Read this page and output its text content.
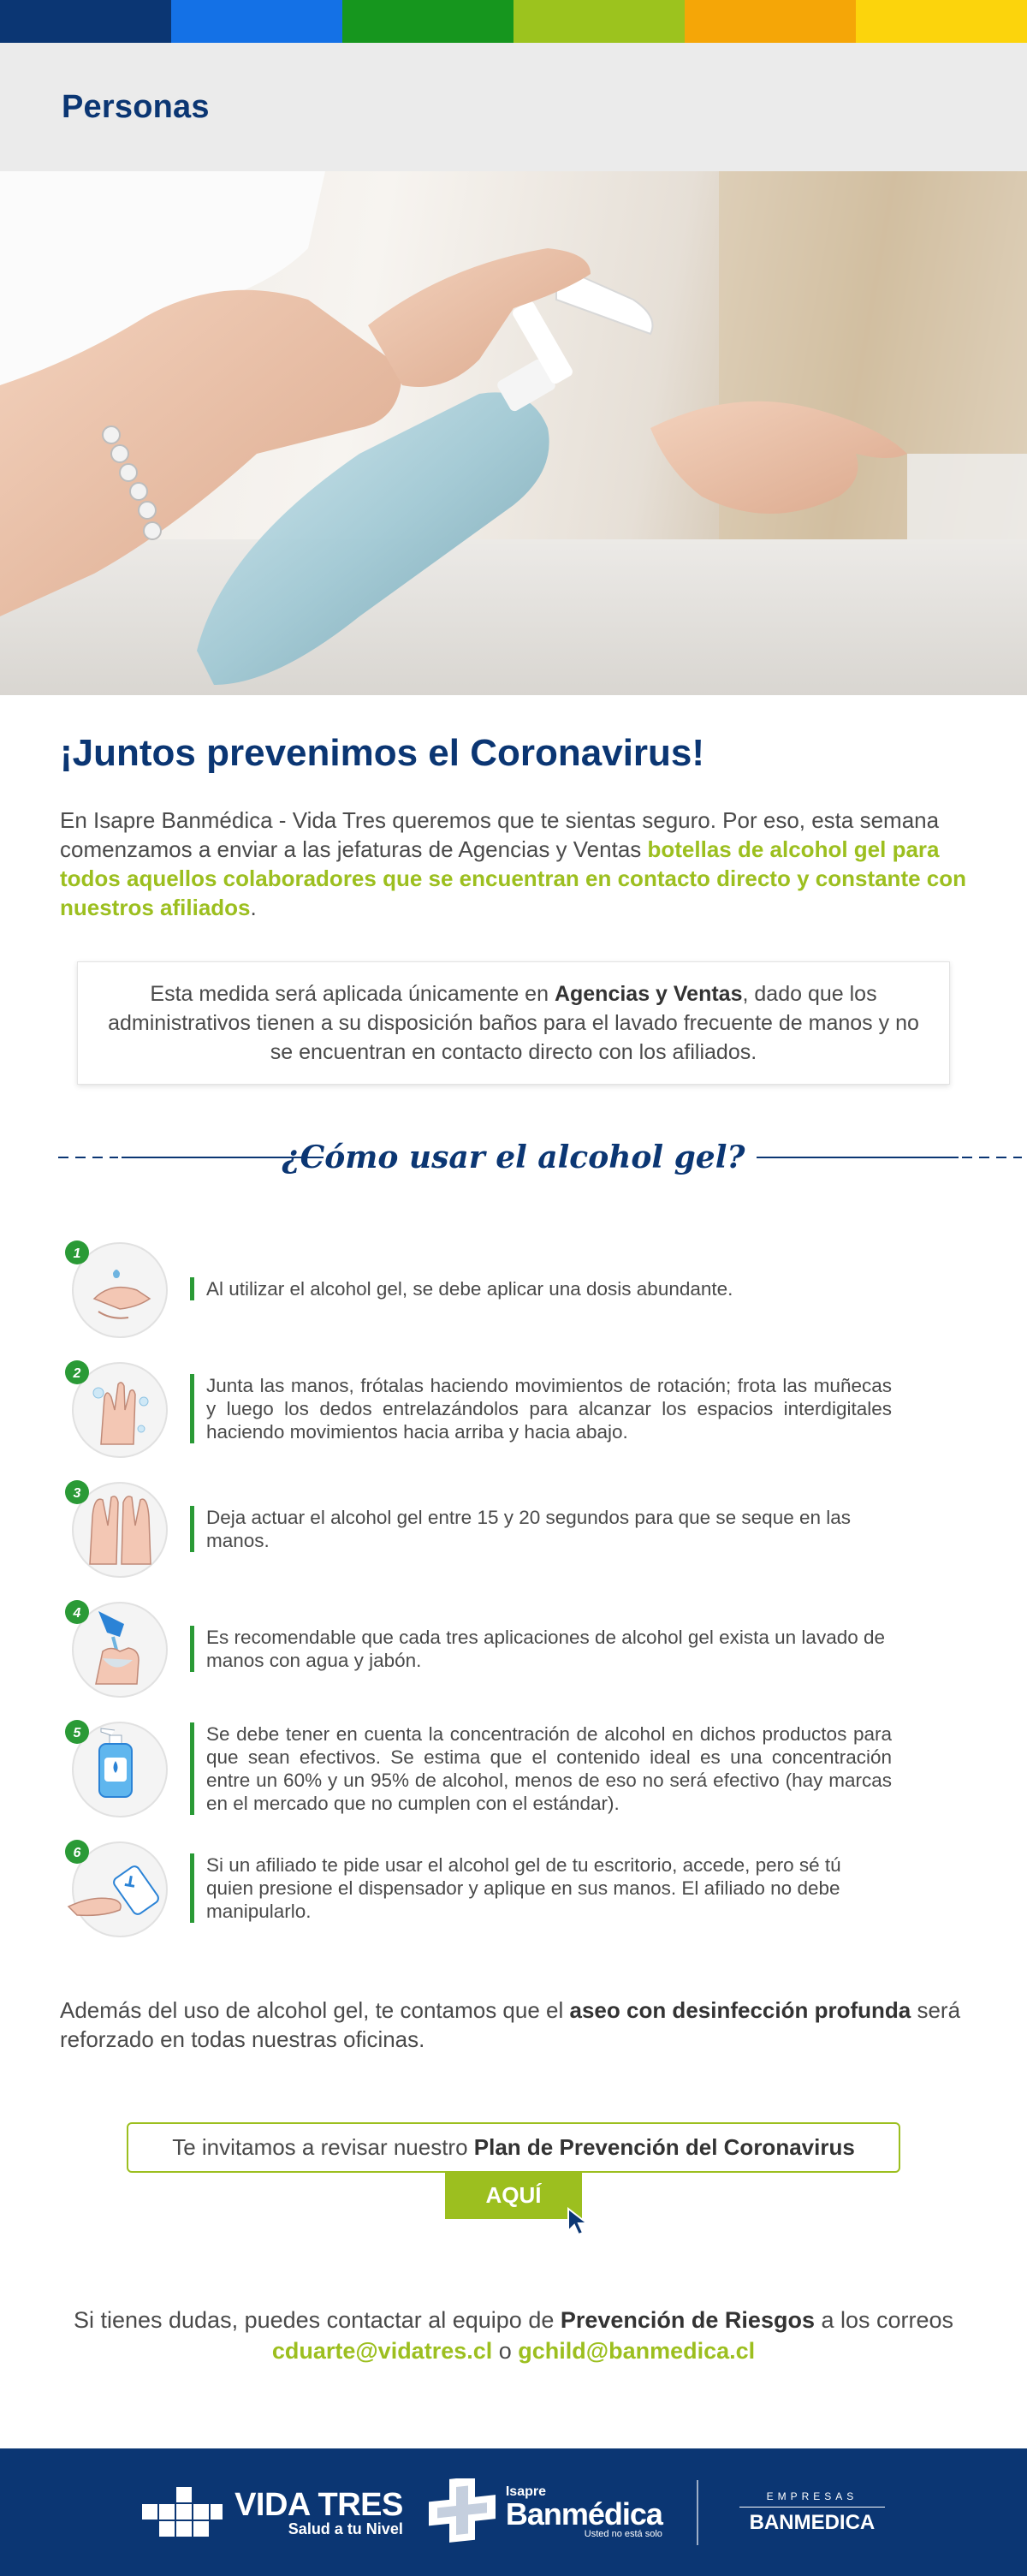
Personas
¡Juntos prevenimos el Coronavirus!

En Isapre Banmédica - Vida Tres queremos que te sientas seguro. Por eso, esta semana comenzamos a enviar a las jefaturas de Agencias y Ventas botellas de alcohol gel para todos aquellos colaboradores que se encuentran en contacto directo y constante con nuestros afiliados.

Esta medida será aplicada únicamente en Agencias y Ventas, dado que los administrativos tienen a su disposición baños para el lavado frecuente de manos y no se encuentran en contacto directo con los afiliados.
¿Cómo usar el alcohol gel?
1
Al utilizar el alcohol gel, se debe aplicar una dosis abundante.
2
Junta las manos, frótalas haciendo movimientos de rotación; frota las muñecas y luego los dedos entrelazándolos para alcanzar los espacios interdigitales haciendo movimientos hacia arriba y hacia abajo.
3
Deja actuar el alcohol gel entre 15 y 20 segundos para que se seque en las manos.
4
Es recomendable que cada tres aplicaciones de alcohol gel exista un lavado de manos con agua y jabón.
5	Se debe tener en cuenta la concentración de alcohol en dichos productos para que sean efectivos. Se estima que el contenido ideal es una concentración entre un 60% y un 95% de alcohol, menos de eso no será efectivo (hay marcas en el mercado que no cumplen con el estándar).
6
Si un afiliado te pide usar el alcohol gel de tu escritorio, accede, pero sé tú quien presione el dispensador y aplique en sus manos. El afiliado no debe manipularlo.

Además del uso de alcohol gel, te contamos que el aseo con desinfección profunda será reforzado en todas nuestras oficinas.

Te invitamos a revisar nuestro Plan de Prevención del Coronavirus
AQUÍ

Si tienes dudas, puedes contactar al equipo de Prevención de Riesgos a los correos cduarte@vidatres.cl o gchild@banmedica.cl

VIDA TRES
Salud a tu Nivel
Isapre
Banmédica
Usted no está solo
EMPRESAS
BANMEDICA
